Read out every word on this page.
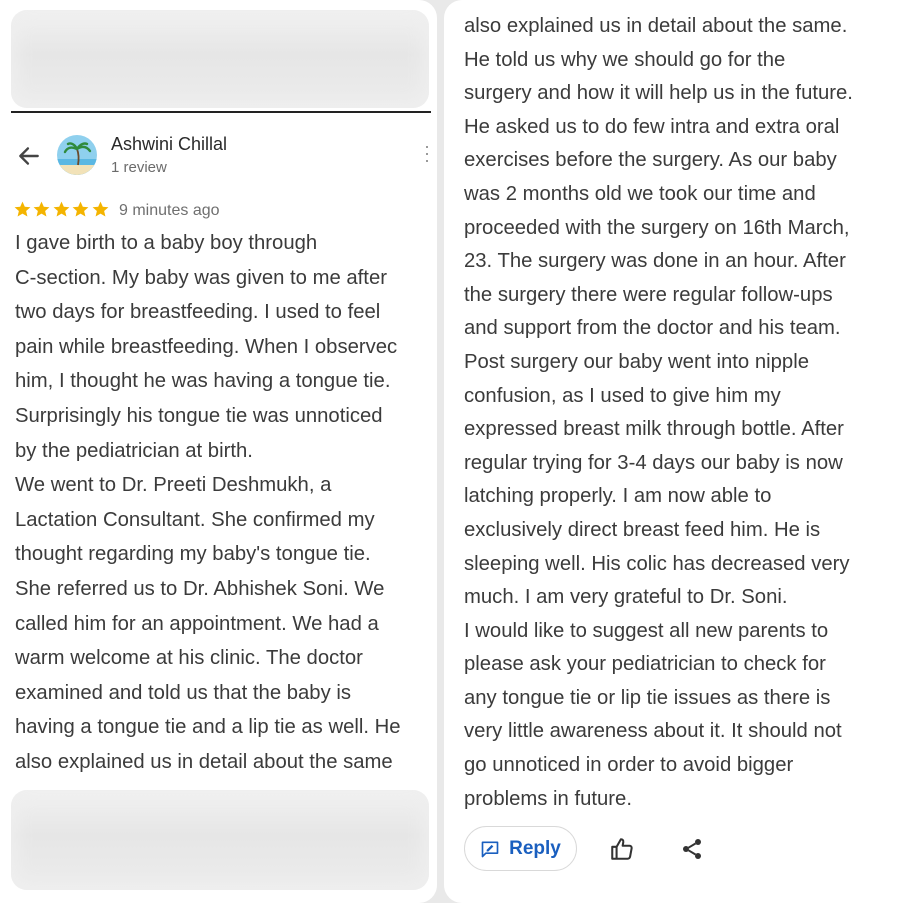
Ashwini Chillal
1 review
9 minutes ago
I gave birth to a baby boy through
C-section. My baby was given to me after
two days for breastfeeding. I used to feel
pain while breastfeeding. When I observec
him, I thought he was having a tongue tie.
Surprisingly his tongue tie was unnoticed
by the pediatrician at birth.
We went to Dr. Preeti Deshmukh, a
Lactation Consultant. She confirmed my
thought regarding my baby's tongue tie.
She referred us to Dr. Abhishek Soni. We
called him for an appointment. We had a
warm welcome at his clinic. The doctor
examined and told us that the baby is
having a tongue tie and a lip tie as well. He
also explained us in detail about the same
also explained us in detail about the same.
He told us why we should go for the
surgery and how it will help us in the future.
He asked us to do few intra and extra oral
exercises before the surgery. As our baby
was 2 months old we took our time and
proceeded with the surgery on 16th March,
23. The surgery was done in an hour. After
the surgery there were regular follow-ups
and support from the doctor and his team.
Post surgery our baby went into nipple
confusion, as I used to give him my
expressed breast milk through bottle. After
regular trying for 3-4 days our baby is now
latching properly. I am now able to
exclusively direct breast feed him. He is
sleeping well. His colic has decreased very
much. I am very grateful to Dr. Soni.
I would like to suggest all new parents to
please ask your pediatrician to check for
any tongue tie or lip tie issues as there is
very little awareness about it. It should not
go unnoticed in order to avoid bigger
problems in future.
Reply
